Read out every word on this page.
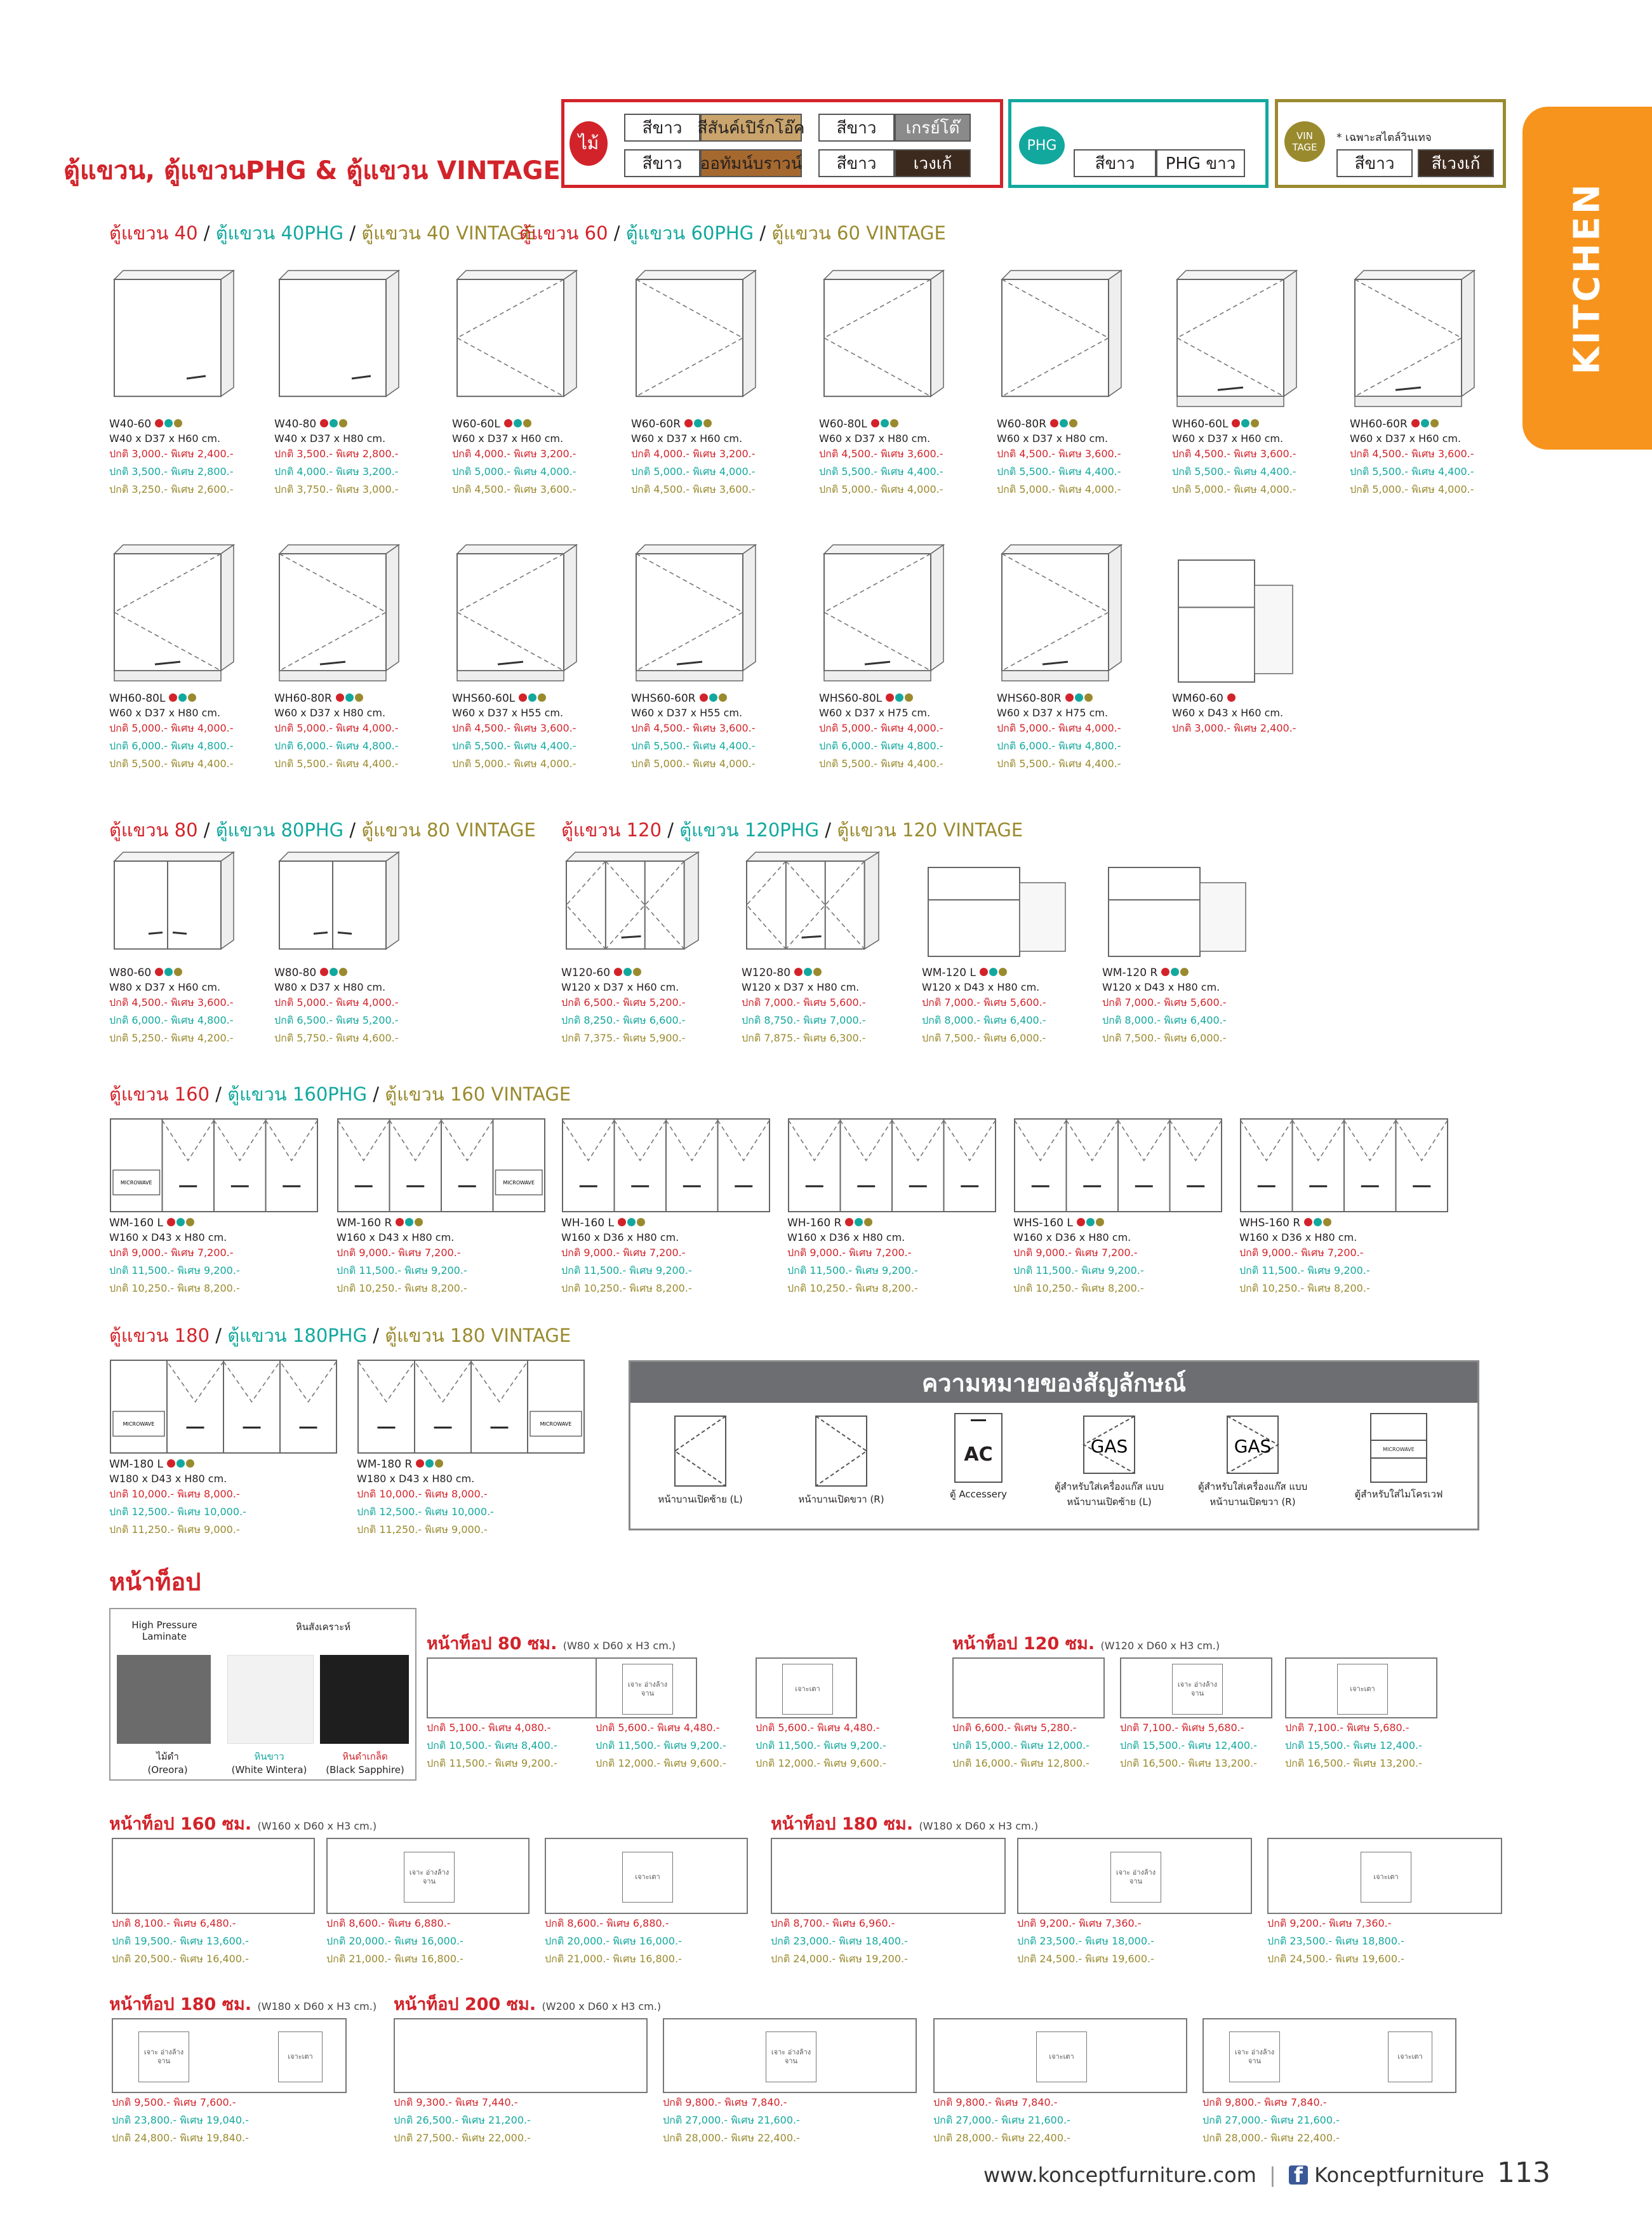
ตู้แขวน, ตู้แขวนPHG & ตู้แขวน VINTAGE
ไม้
สีขาว สีสันค์เปิร์กโอ๊ค
สีขาว	ออทัมน์บราวน์
สีขาว	เกรย์โต๊
สีขาว	เวงเก้
PHG
สีขาว	PHG ขาว
VIN TAGE
* เฉพาะสไตล์วินเทจ
สีขาว	สีเวงเก้
KITCHEN
ตู้แขวน 40 / ตู้แขวน 40PHG / ตู้แขวน 40 VINTAGE
ตู้แขวน 60 / ตู้แขวน 60PHG / ตู้แขวน 60 VINTAGE
ตู้แขวน 80 / ตู้แขวน 80PHG / ตู้แขวน 80 VINTAGE ตู้แขวน 120 / ตู้แขวน 120PHG / ตู้แขวน 120 VINTAGE
ตู้แขวน 160 / ตู้แขวน 160PHG / ตู้แขวน 160 VINTAGE
ตู้แขวน 180 / ตู้แขวน 180PHG / ตู้แขวน 180 VINTAGE
W40-60
W40 x D37 x H60 cm.
ปกติ 3,000.- พิเศษ 2,400.-
ปกติ 3,500.- พิเศษ 2,800.-
ปกติ 3,250.- พิเศษ 2,600.-
W40-80
W40 x D37 x H80 cm.
ปกติ 3,500.- พิเศษ 2,800.-
ปกติ 4,000.- พิเศษ 3,200.-
ปกติ 3,750.- พิเศษ 3,000.-
W60-60L
W60 x D37 x H60 cm.
ปกติ 4,000.- พิเศษ 3,200.-
ปกติ 5,000.- พิเศษ 4,000.-
ปกติ 4,500.- พิเศษ 3,600.-
W60-60R
W60 x D37 x H60 cm.
ปกติ 4,000.- พิเศษ 3,200.-
ปกติ 5,000.- พิเศษ 4,000.-
ปกติ 4,500.- พิเศษ 3,600.-
W60-80L
W60 x D37 x H80 cm.
ปกติ 4,500.- พิเศษ 3,600.-
ปกติ 5,500.- พิเศษ 4,400.-
ปกติ 5,000.- พิเศษ 4,000.-
W60-80R
W60 x D37 x H80 cm.
ปกติ 4,500.- พิเศษ 3,600.-
ปกติ 5,500.- พิเศษ 4,400.-
ปกติ 5,000.- พิเศษ 4,000.-
WH60-60L
W60 x D37 x H60 cm.
ปกติ 4,500.- พิเศษ 3,600.-
ปกติ 5,500.- พิเศษ 4,400.-
ปกติ 5,000.- พิเศษ 4,000.-
WH60-60R
W60 x D37 x H60 cm.
ปกติ 4,500.- พิเศษ 3,600.-
ปกติ 5,500.- พิเศษ 4,400.-
ปกติ 5,000.- พิเศษ 4,000.-
WH60-80L
W60 x D37 x H80 cm.
ปกติ 5,000.- พิเศษ 4,000.-
ปกติ 6,000.- พิเศษ 4,800.-
ปกติ 5,500.- พิเศษ 4,400.-
WH60-80R
W60 x D37 x H80 cm.
ปกติ 5,000.- พิเศษ 4,000.-
ปกติ 6,000.- พิเศษ 4,800.-
ปกติ 5,500.- พิเศษ 4,400.-
WHS60-60L
W60 x D37 x H55 cm.
ปกติ 4,500.- พิเศษ 3,600.-
ปกติ 5,500.- พิเศษ 4,400.-
ปกติ 5,000.- พิเศษ 4,000.-
WHS60-60R
W60 x D37 x H55 cm.
ปกติ 4,500.- พิเศษ 3,600.-
ปกติ 5,500.- พิเศษ 4,400.-
ปกติ 5,000.- พิเศษ 4,000.-
WHS60-80L
W60 x D37 x H75 cm.
ปกติ 5,000.- พิเศษ 4,000.-
ปกติ 6,000.- พิเศษ 4,800.-
ปกติ 5,500.- พิเศษ 4,400.-
WHS60-80R
W60 x D37 x H75 cm.
ปกติ 5,000.- พิเศษ 4,000.-
ปกติ 6,000.- พิเศษ 4,800.-
ปกติ 5,500.- พิเศษ 4,400.-
WM60-60
W60 x D43 x H60 cm.
ปกติ 3,000.- พิเศษ 2,400.-
W80-60
W80 x D37 x H60 cm.
ปกติ 4,500.- พิเศษ 3,600.-
ปกติ 6,000.- พิเศษ 4,800.-
ปกติ 5,250.- พิเศษ 4,200.-
W80-80
W80 x D37 x H80 cm.
ปกติ 5,000.- พิเศษ 4,000.-
ปกติ 6,500.- พิเศษ 5,200.-
ปกติ 5,750.- พิเศษ 4,600.-
W120-60
W120 x D37 x H60 cm.
ปกติ 6,500.- พิเศษ 5,200.-
ปกติ 8,250.- พิเศษ 6,600.-
ปกติ 7,375.- พิเศษ 5,900.-
W120-80
W120 x D37 x H80 cm.
ปกติ 7,000.- พิเศษ 5,600.-
ปกติ 8,750.- พิเศษ 7,000.-
ปกติ 7,875.- พิเศษ 6,300.-
WM-120 L
W120 x D43 x H80 cm.
ปกติ 7,000.- พิเศษ 5,600.-
ปกติ 8,000.- พิเศษ 6,400.-
ปกติ 7,500.- พิเศษ 6,000.-
WM-120 R
W120 x D43 x H80 cm.
ปกติ 7,000.- พิเศษ 5,600.-
ปกติ 8,000.- พิเศษ 6,400.-
ปกติ 7,500.- พิเศษ 6,000.-
MICROWAVE
WM-160 L
W160 x D43 x H80 cm.
ปกติ 9,000.- พิเศษ 7,200.-
ปกติ 11,500.- พิเศษ 9,200.-
ปกติ 10,250.- พิเศษ 8,200.-
MICROWAVE
WM-160 R
W160 x D43 x H80 cm.
ปกติ 9,000.- พิเศษ 7,200.-
ปกติ 11,500.- พิเศษ 9,200.-
ปกติ 10,250.- พิเศษ 8,200.-
WH-160 L
W160 x D36 x H80 cm.
ปกติ 9,000.- พิเศษ 7,200.-
ปกติ 11,500.- พิเศษ 9,200.-
ปกติ 10,250.- พิเศษ 8,200.-
WH-160 R
W160 x D36 x H80 cm.
ปกติ 9,000.- พิเศษ 7,200.-
ปกติ 11,500.- พิเศษ 9,200.-
ปกติ 10,250.- พิเศษ 8,200.-
WHS-160 L
W160 x D36 x H80 cm.
ปกติ 9,000.- พิเศษ 7,200.-
ปกติ 11,500.- พิเศษ 9,200.-
ปกติ 10,250.- พิเศษ 8,200.-
WHS-160 R
W160 x D36 x H80 cm.
ปกติ 9,000.- พิเศษ 7,200.-
ปกติ 11,500.- พิเศษ 9,200.-
ปกติ 10,250.- พิเศษ 8,200.-
MICROWAVE
WM-180 L
W180 x D43 x H80 cm.
ปกติ 10,000.- พิเศษ 8,000.-
ปกติ 12,500.- พิเศษ 10,000.-
ปกติ 11,250.- พิเศษ 9,000.-
MICROWAVE
WM-180 R
W180 x D43 x H80 cm.
ปกติ 10,000.- พิเศษ 8,000.-
ปกติ 12,500.- พิเศษ 10,000.-
ปกติ 11,250.- พิเศษ 9,000.-
ความหมายของสัญลักษณ์
หน้าบานเปิดซ้าย (L)	หน้าบานเปิดขวา (R)
AC
ตู้ Accessery
GAS
ตู้สำหรับใส่เครื่องแก๊ส แบบหน้าบานเปิดซ้าย (L)
GAS
ตู้สำหรับใส่เครื่องแก๊ส แบบหน้าบานเปิดขวา (R)
MICROWAVE
ตู้สำหรับใส่ไมโครเวฟ
หน้าท็อป
High Pressure Laminate
หินสังเคราะห์
ไม้ดำ
(Oreora)
หินขาว
(White Wintera)
หินดำเกล็ด
(Black Sapphire)
หน้าท็อป 80 ซม. (W80 x D60 x H3 cm.)
ปกติ 5,100.- พิเศษ 4,080.-
ปกติ 10,500.- พิเศษ 8,400.-
ปกติ 11,500.- พิเศษ 9,200.-
เจาะ อ่างล้างจาน
ปกติ 5,600.- พิเศษ 4,480.-
ปกติ 11,500.- พิเศษ 9,200.-
ปกติ 12,000.- พิเศษ 9,600.-
เจาะเตา
ปกติ 5,600.- พิเศษ 4,480.-
ปกติ 11,500.- พิเศษ 9,200.-
ปกติ 12,000.- พิเศษ 9,600.-
หน้าท็อป 120 ซม. (W120 x D60 x H3 cm.)
ปกติ 6,600.- พิเศษ 5,280.-
ปกติ 15,000.- พิเศษ 12,000.-
ปกติ 16,000.- พิเศษ 12,800.-
เจาะ อ่างล้างจาน
ปกติ 7,100.- พิเศษ 5,680.-
ปกติ 15,500.- พิเศษ 12,400.-
ปกติ 16,500.- พิเศษ 13,200.-
เจาะเตา
ปกติ 7,100.- พิเศษ 5,680.-
ปกติ 15,500.- พิเศษ 12,400.-
ปกติ 16,500.- พิเศษ 13,200.-
หน้าท็อป 160 ซม. (W160 x D60 x H3 cm.)
ปกติ 8,100.- พิเศษ 6,480.-
ปกติ 19,500.- พิเศษ 13,600.-
ปกติ 20,500.- พิเศษ 16,400.-
เจาะ อ่างล้างจาน
ปกติ 8,600.- พิเศษ 6,880.-
ปกติ 20,000.- พิเศษ 16,000.-
ปกติ 21,000.- พิเศษ 16,800.-
เจาะเตา
ปกติ 8,600.- พิเศษ 6,880.-
ปกติ 20,000.- พิเศษ 16,000.-
ปกติ 21,000.- พิเศษ 16,800.-
หน้าท็อป 180 ซม. (W180 x D60 x H3 cm.)
ปกติ 8,700.- พิเศษ 6,960.-
ปกติ 23,000.- พิเศษ 18,400.-
ปกติ 24,000.- พิเศษ 19,200.-
เจาะ อ่างล้างจาน
ปกติ 9,200.- พิเศษ 7,360.-
ปกติ 23,500.- พิเศษ 18,000.-
ปกติ 24,500.- พิเศษ 19,600.-
เจาะเตา
ปกติ 9,200.- พิเศษ 7,360.-
ปกติ 23,500.- พิเศษ 18,800.-
ปกติ 24,500.- พิเศษ 19,600.-
หน้าท็อป 180 ซม. (W180 x D60 x H3 cm.)
เจาะ อ่างล้างจาน
เจาะเตา
ปกติ 9,500.- พิเศษ 7,600.-
ปกติ 23,800.- พิเศษ 19,040.-
ปกติ 24,800.- พิเศษ 19,840.-
หน้าท็อป 200 ซม. (W200 x D60 x H3 cm.)
ปกติ 9,300.- พิเศษ 7,440.-
ปกติ 26,500.- พิเศษ 21,200.-
ปกติ 27,500.- พิเศษ 22,000.-
เจาะ อ่างล้างจาน
ปกติ 9,800.- พิเศษ 7,840.-
ปกติ 27,000.- พิเศษ 21,600.-
ปกติ 28,000.- พิเศษ 22,400.-
เจาะเตา
ปกติ 9,800.- พิเศษ 7,840.-
ปกติ 27,000.- พิเศษ 21,600.-
ปกติ 28,000.- พิเศษ 22,400.-
เจาะ อ่างล้างจาน
เจาะเตา
ปกติ 9,800.- พิเศษ 7,840.-
ปกติ 27,000.- พิเศษ 21,600.-
ปกติ 28,000.- พิเศษ 22,400.-
www.konceptfurniture.com | f Konceptfurniture 113
